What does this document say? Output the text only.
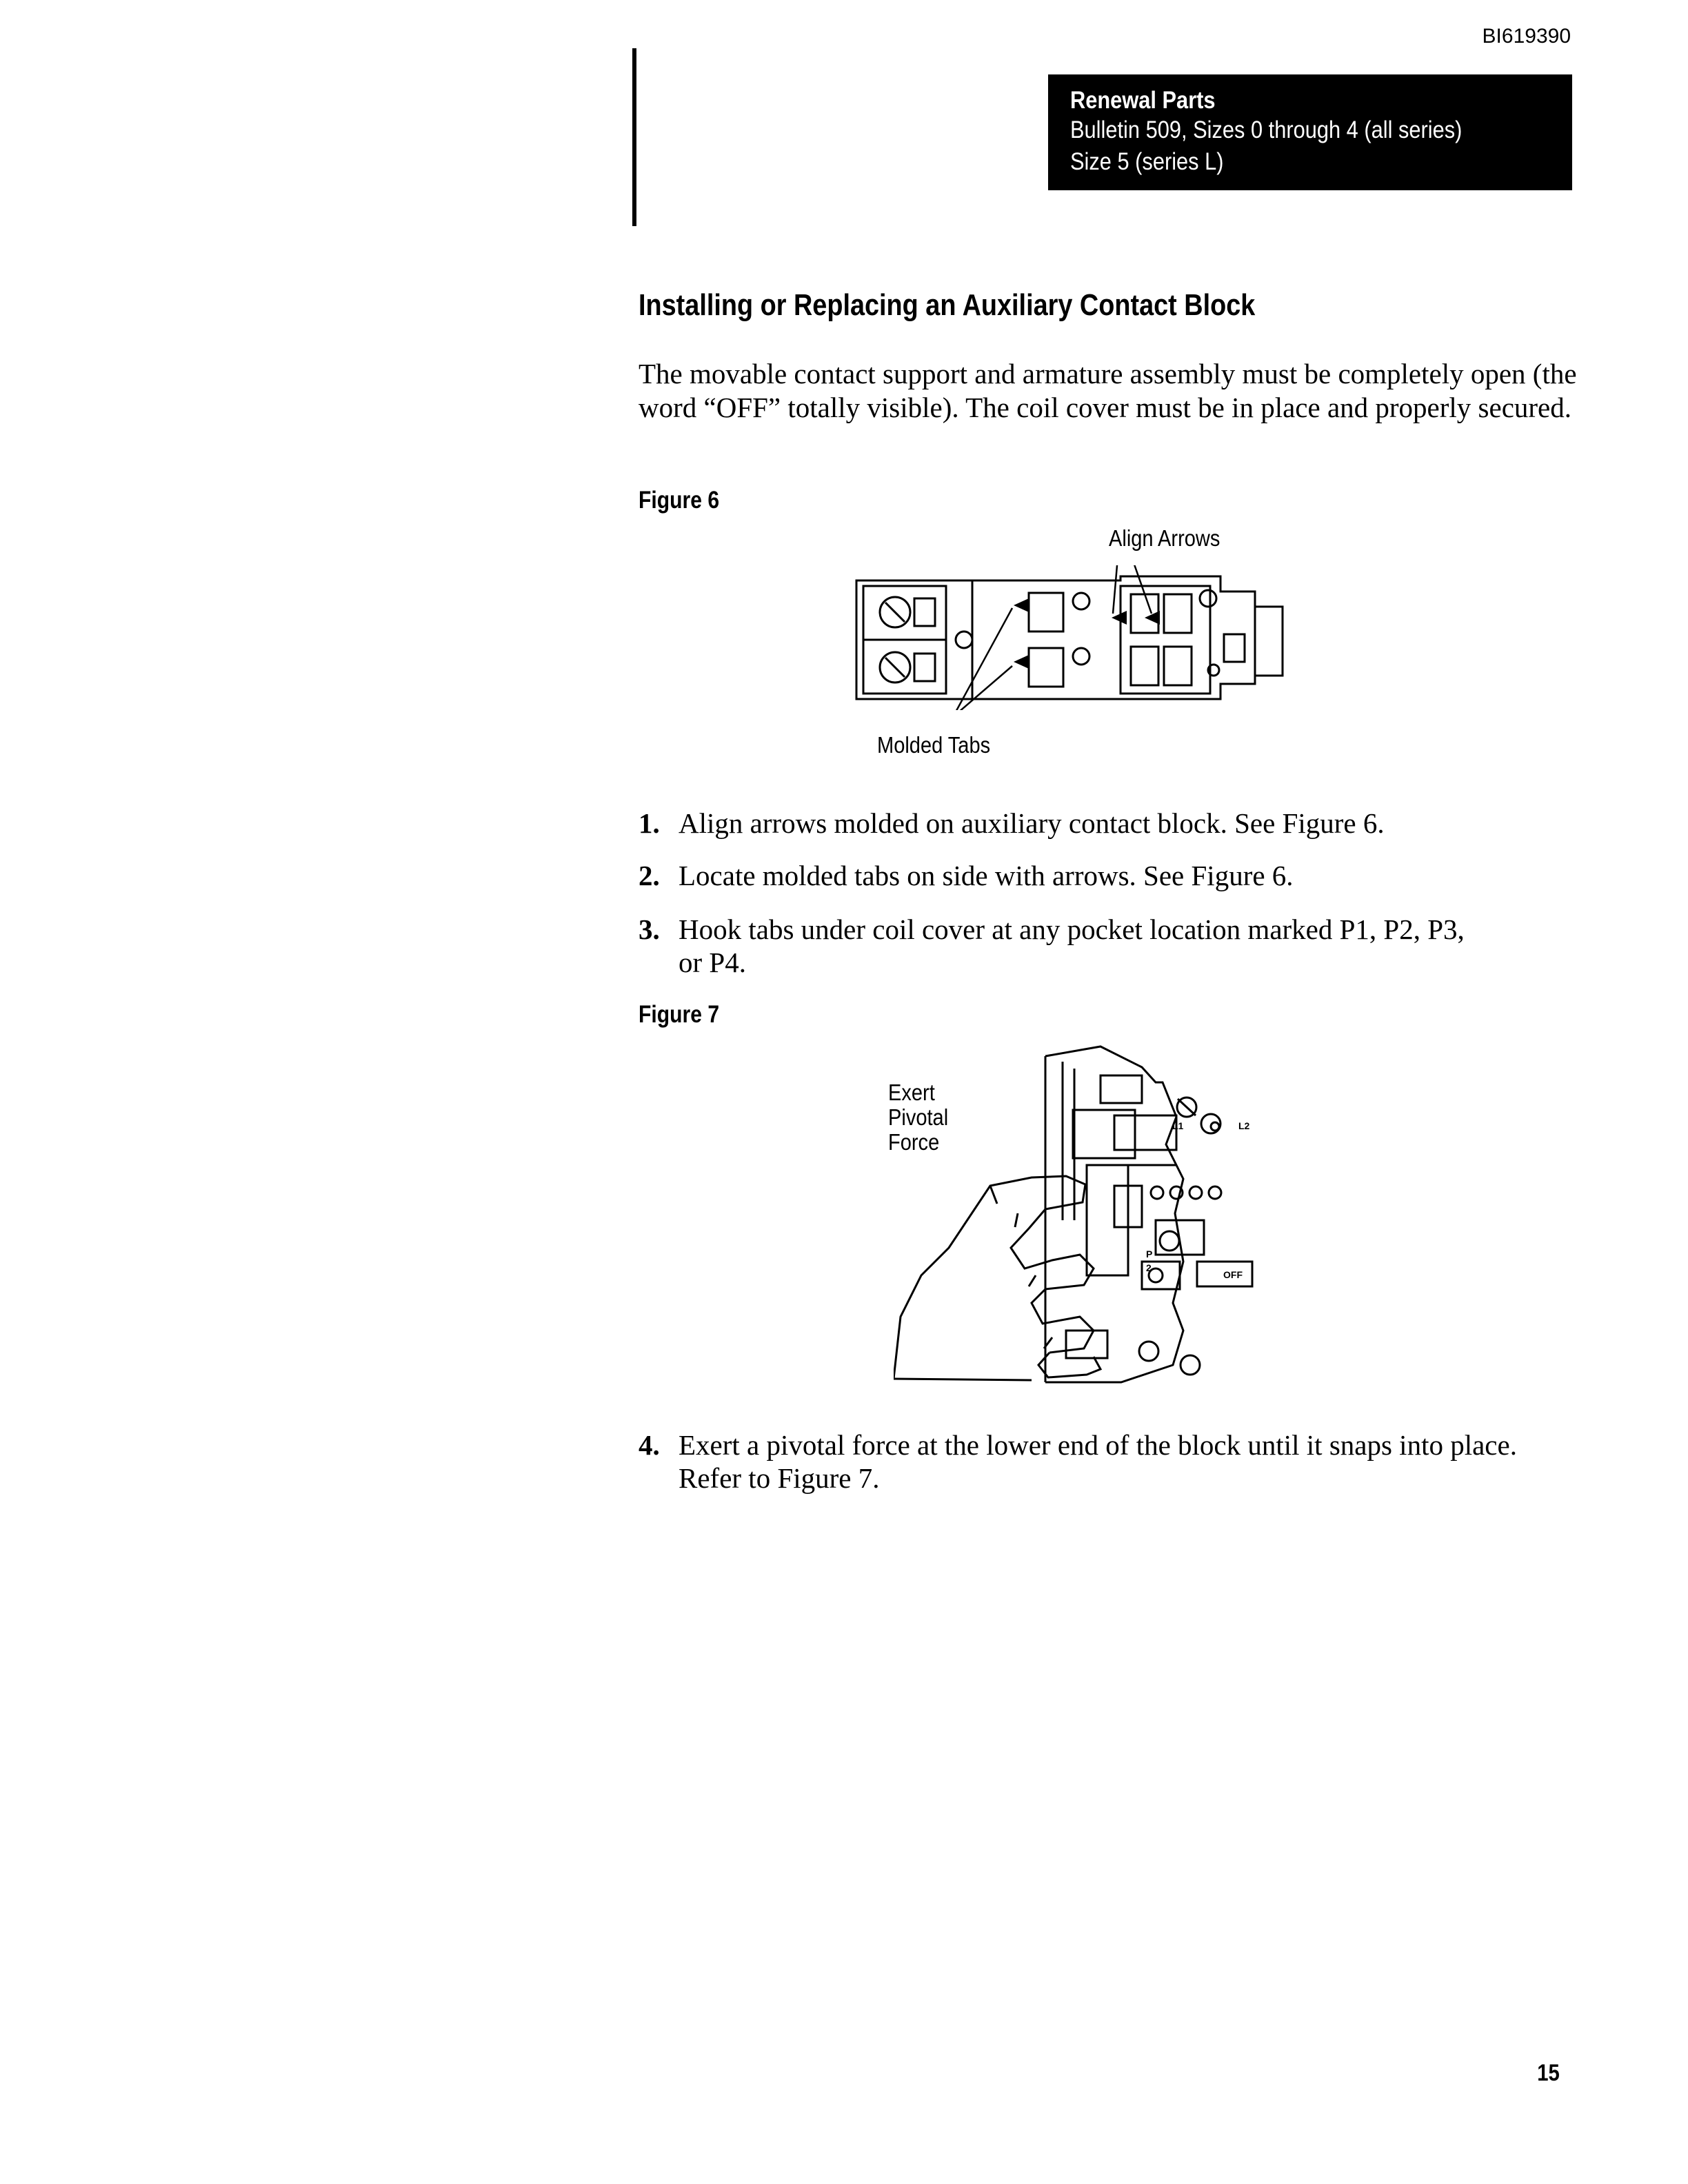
BI619390
Renewal Parts
Bulletin 509, Sizes 0 through 4 (all series)
Size 5 (series L)
Installing or Replacing an Auxiliary Contact Block

The movable contact support and armature assembly must be completely open (the word “OFF” totally visible). The coil cover must be in place and properly secured.

Figure 6
Align Arrows
Molded Tabs
1. Align arrows molded on auxiliary contact block. See Figure 6.
2. Locate molded tabs on side with arrows. See Figure 6.
3. Hook tabs under coil cover at any pocket location marked P1, P2, P3,
or P4.
Figure 7
Exert
Pivotal
Force
L1	L2
P
2
OFF
4. Exert a pivotal force at the lower end of the block until it snaps into place.
Refer to Figure 7.
15
